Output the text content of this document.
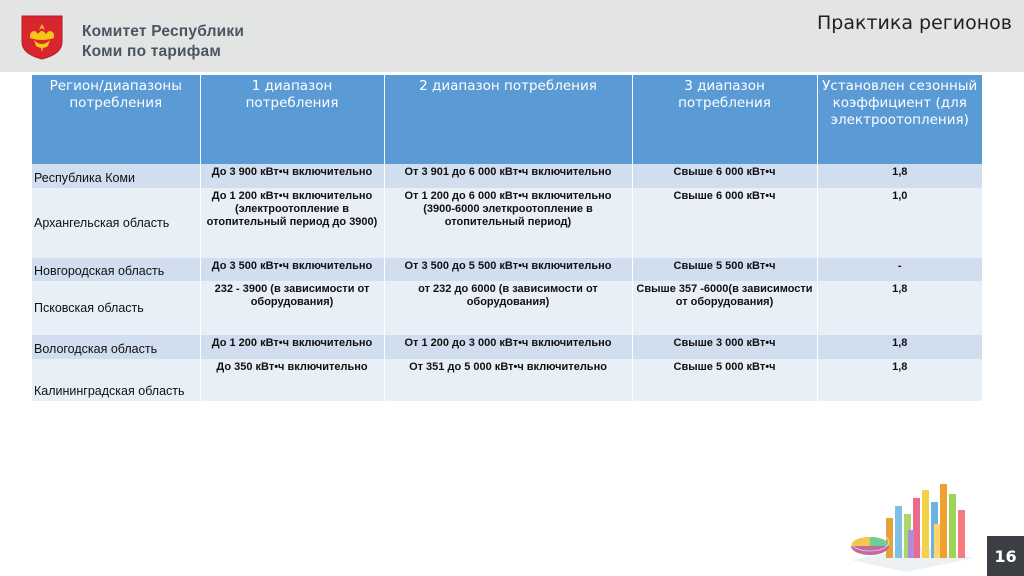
Комитет Республики
Коми по тарифам
Практика регионов
Регион/диапазоны потребления	1 диапазон потребления	2 диапазон потребления	3 диапазон потребления	Установлен сезонный коэффициент (для электроотопления)
Республика Коми	До 3 900 кВт•ч включительно	От 3 901 до 6 000 кВт•ч включительно	Свыше 6 000 кВт•ч	1,8
Архангельская область	До 1 200 кВт•ч включительно (электроотопление в отопительный период до 3900)	От 1 200 до 6 000 кВт•ч включительно (3900-6000 элеткроотопление в отопительный период)	Свыше 6 000 кВт•ч	1,0
Новгородская область	До 3 500 кВт•ч включительно	От 3 500 до 5 500 кВт•ч включительно	Свыше 5 500 кВт•ч	-
Псковская область	232 - 3900 (в зависимости от оборудования)	от 232 до 6000 (в зависимости от оборудования)	Свыше 357 -6000(в зависимости от оборудования)	1,8
Вологодская область	До 1 200 кВт•ч включительно	От 1 200 до 3 000 кВт•ч включительно	Свыше 3 000 кВт•ч	1,8
Калининградская область	До 350 кВт•ч включительно	От 351 до 5 000 кВт•ч включительно	Свыше 5 000 кВт•ч	1,8
16
